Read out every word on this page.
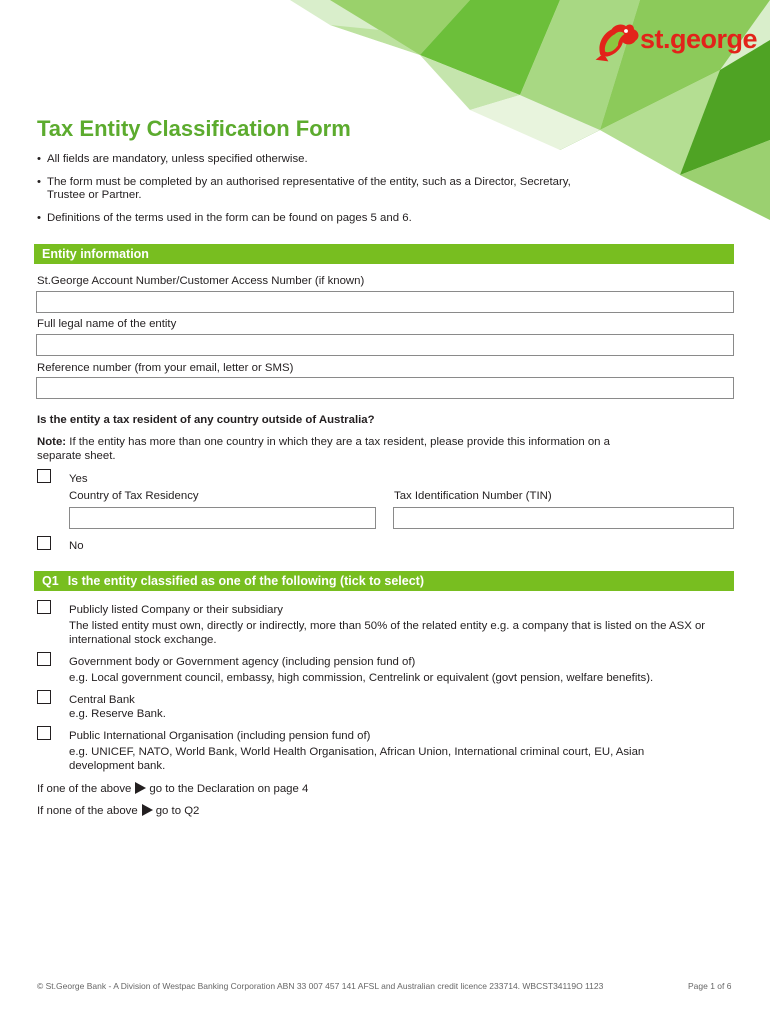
st.george
Tax Entity Classification Form
• All fields are mandatory, unless specified otherwise.
• The form must be completed by an authorised representative of the entity, such as a Director, Secretary, Trustee or Partner.
• Definitions of the terms used in the form can be found on pages 5 and 6.
Entity information
St.George Account Number/Customer Access Number (if known)
Full legal name of the entity
Reference number (from your email, letter or SMS)
Is the entity a tax resident of any country outside of Australia?
Note: If the entity has more than one country in which they are a tax resident, please provide this information on a separate sheet.
Yes
Country of Tax Residency	Tax Identification Number (TIN)
No
Q1 Is the entity classified as one of the following (tick to select)
Publicly listed Company or their subsidiary
The listed entity must own, directly or indirectly, more than 50% of the related entity e.g. a company that is listed on the ASX or international stock exchange.
Government body or Government agency (including pension fund of)
e.g. Local government council, embassy, high commission, Centrelink or equivalent (govt pension, welfare benefits).
Central Bank
e.g. Reserve Bank.
Public International Organisation (including pension fund of)
e.g. UNICEF, NATO, World Bank, World Health Organisation, African Union, International criminal court, EU, Asian development bank.
If one of the above go to the Declaration on page 4
If none of the above go to Q2
© St.George Bank - A Division of Westpac Banking Corporation ABN 33 007 457 141 AFSL and Australian credit licence 233714. WBCST34119O 1123	Page 1 of 6
